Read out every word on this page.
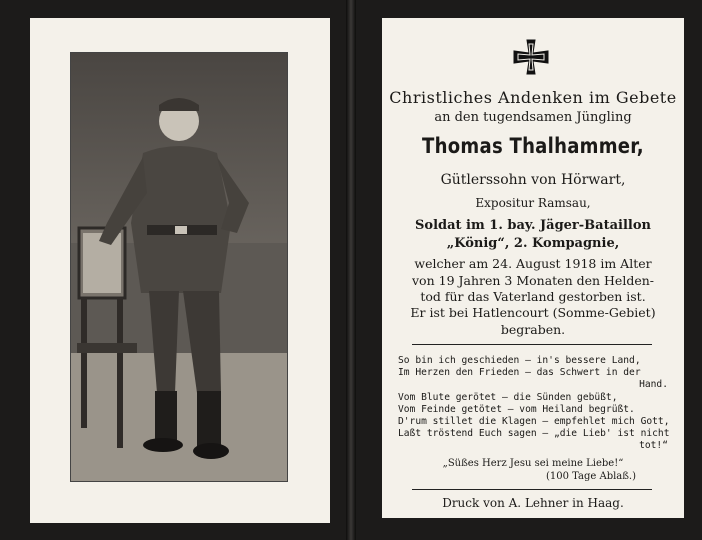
Christliches Andenken im Gebete
an den tugendsamen Jüngling
Thomas Thalhammer,
Gütlerssohn von Hörwart,
Expositur Ramsau,
Soldat im 1. bay. Jäger-Bataillon
„König“, 2. Kompagnie,
welcher am 24. August 1918 im Alter
von 19 Jahren 3 Monaten den Helden-
tod für das Vaterland gestorben ist.
Er ist bei Hatlencourt (Somme-Gebiet)
begraben.
So bin ich geschieden — in's bessere Land,
Im Herzen den Frieden — das Schwert in der
Hand.
Vom Blute gerötet — die Sünden gebüßt,
Vom Feinde getötet — vom Heiland begrüßt.
D'rum stillet die Klagen — empfehlet mich Gott,
Laßt tröstend Euch sagen — „die Lieb' ist nicht
tot!“
„Süßes Herz Jesu sei meine Liebe!“
(100 Tage Ablaß.)
Druck von A. Lehner in Haag.
